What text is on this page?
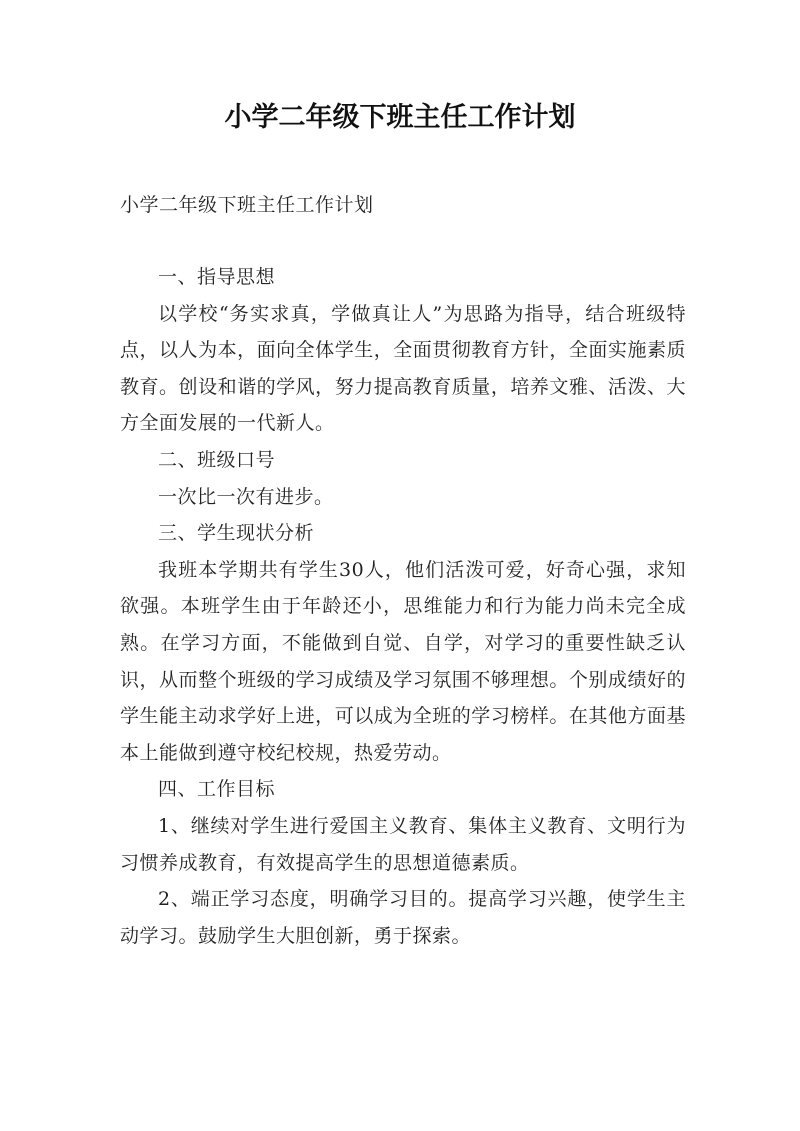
小学二年级下班主任工作计划

小学二年级下班主任工作计划

一、指导思想

以学校“务实求真，学做真让人”为思路为指导，结合班级特点，以人为本，面向全体学生，全面贯彻教育方针，全面实施素质教育。创设和谐的学风，努力提高教育质量，培养文雅、活泼、大方全面发展的一代新人。

二、班级口号

一次比一次有进步。

三、学生现状分析

我班本学期共有学生30人，他们活泼可爱，好奇心强，求知欲强。本班学生由于年龄还小，思维能力和行为能力尚未完全成熟。在学习方面，不能做到自觉、自学，对学习的重要性缺乏认识，从而整个班级的学习成绩及学习氛围不够理想。个别成绩好的学生能主动求学好上进，可以成为全班的学习榜样。在其他方面基本上能做到遵守校纪校规，热爱劳动。

四、工作目标

1、继续对学生进行爱国主义教育、集体主义教育、文明行为习惯养成教育，有效提高学生的思想道德素质。

2、端正学习态度，明确学习目的。提高学习兴趣，使学生主动学习。鼓励学生大胆创新，勇于探索。
